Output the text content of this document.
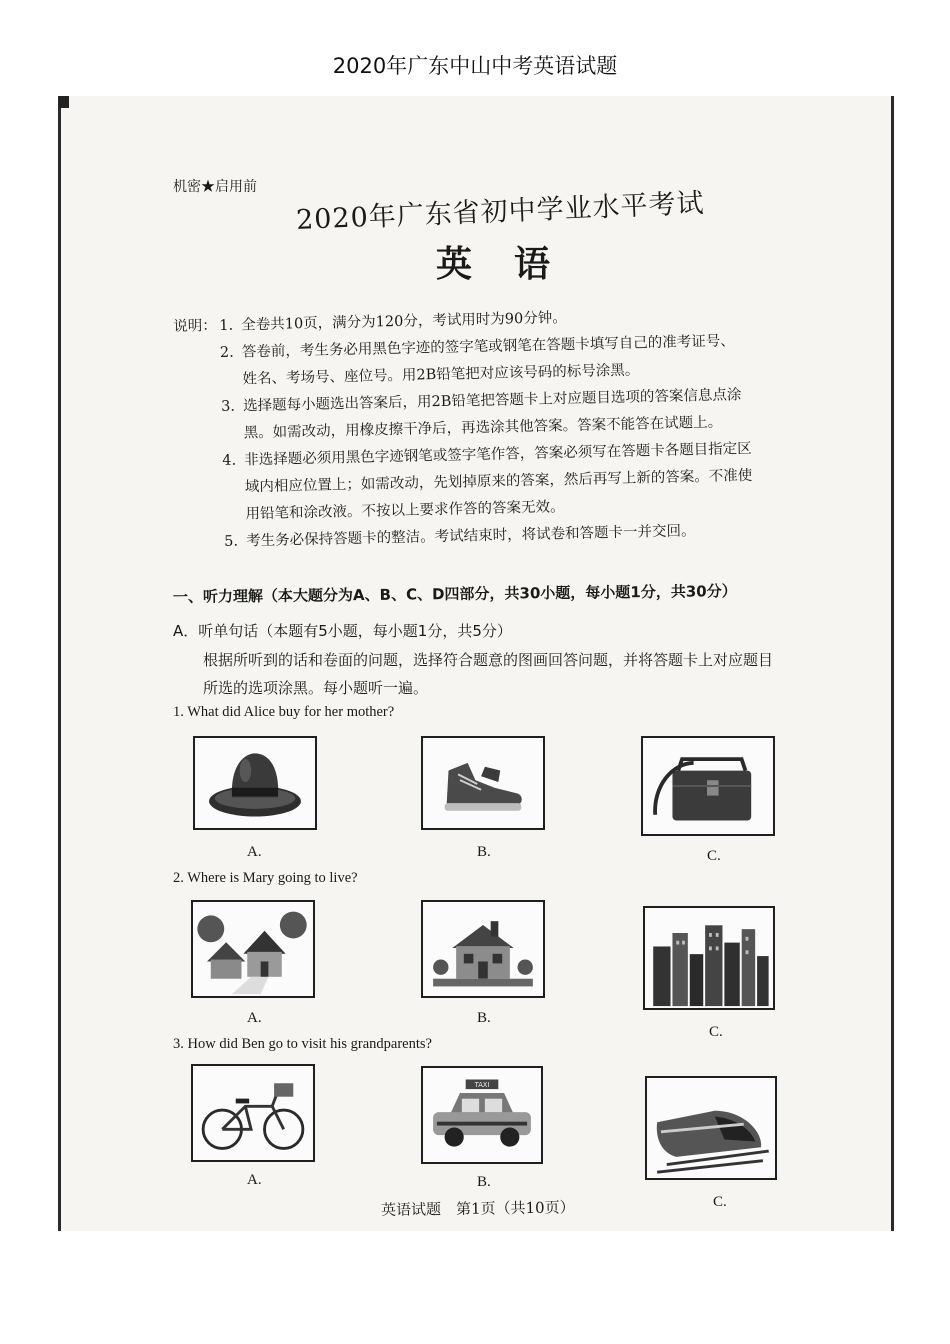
2020年广东中山中考英语试题
机密★启用前
2020年广东省初中学业水平考试
英语
说明： 1. 全卷共10页，满分为120分，考试用时为90分钟。
2. 答卷前，考生务必用黑色字迹的签字笔或钢笔在答题卡填写自己的准考证号、
姓名、考场号、座位号。用2B铅笔把对应该号码的标号涂黑。
3. 选择题每小题选出答案后，用2B铅笔把答题卡上对应题目选项的答案信息点涂
黑。如需改动，用橡皮擦干净后，再选涂其他答案。答案不能答在试题上。
4. 非选择题必须用黑色字迹钢笔或签字笔作答，答案必须写在答题卡各题目指定区
域内相应位置上；如需改动，先划掉原来的答案，然后再写上新的答案。不准使
用铅笔和涂改液。不按以上要求作答的答案无效。
5. 考生务必保持答题卡的整洁。考试结束时，将试卷和答题卡一并交回。
一、听力理解（本大题分为A、B、C、D四部分，共30小题，每小题1分，共30分）
A．听单句话（本题有5小题，每小题1分，共5分）
根据所听到的话和卷面的问题，选择符合题意的图画回答问题，并将答题卡上对应题目
所选的选项涂黑。每小题听一遍。
1. What did Alice buy for her mother?
A.	B.	C.
2. Where is Mary going to live?
A.	B.
C.
3. How did Ben go to visit his grandparents?
TAXI
A.	B.
C.
英语试题　第1页（共10页）
